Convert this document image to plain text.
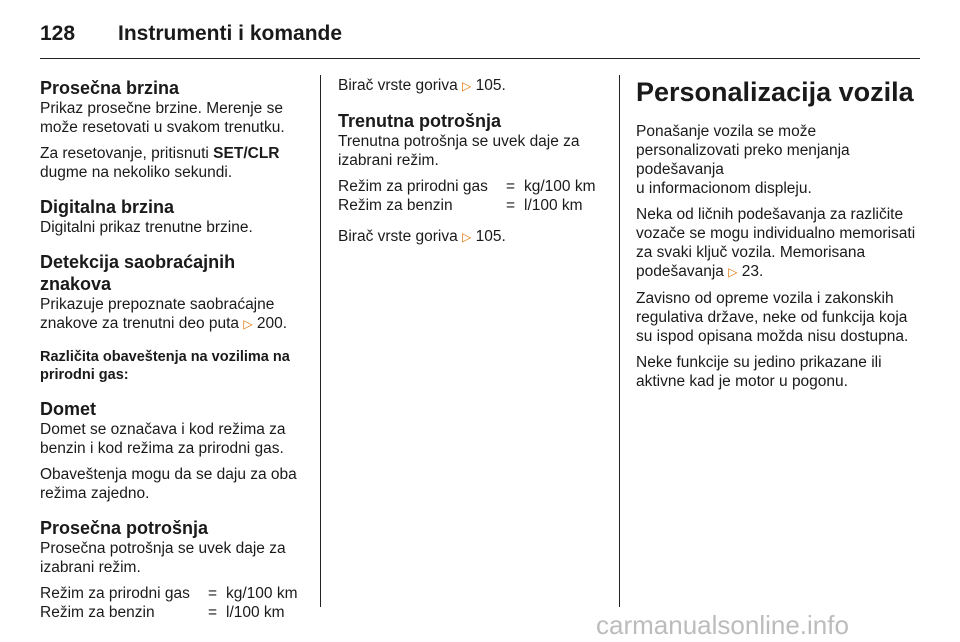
128 Instrumenti i komande
Prosečna brzina

Prikaz prosečne brzine. Merenje se može resetovati u svakom trenutku.

Za resetovanje, pritisnuti SET/CLR dugme na nekoliko sekundi.

Digitalna brzina

Digitalni prikaz trenutne brzine.

Detekcija saobraćajnih znakova

Prikazuje prepoznate saobraćajne znakove za trenutni deo puta ▷ 200.

Različita obaveštenja na vozilima na prirodni gas:
Domet

Domet se označava i kod režima za benzin i kod režima za prirodni gas.

Obaveštenja mogu da se daju za oba režima zajedno.

Prosečna potrošnja

Prosečna potrošnja se uvek daje za izabrani režim.

Režim za prirodni gas	= kg/100 km
Režim za benzin	= l/100 km

Birač vrste goriva ▷ 105.

Trenutna potrošnja

Trenutna potrošnja se uvek daje za izabrani režim.

Režim za prirodni gas	= kg/100 km
Režim za benzin	= l/100 km

Birač vrste goriva ▷ 105.

Personalizacija vozila

Ponašanje vozila se može personalizovati preko menjanja podešavanja
u informacionom displeju.

Neka od ličnih podešavanja za različite vozače se mogu individualno memorisati za svaki ključ vozila. Memorisana podešavanja ▷ 23.

Zavisno od opreme vozila i zakonskih regulativa države, neke od funkcija koja su ispod opisana možda nisu dostupna.

Neke funkcije su jedino prikazane ili aktivne kad je motor u pogonu.

carmanualsonline.info
